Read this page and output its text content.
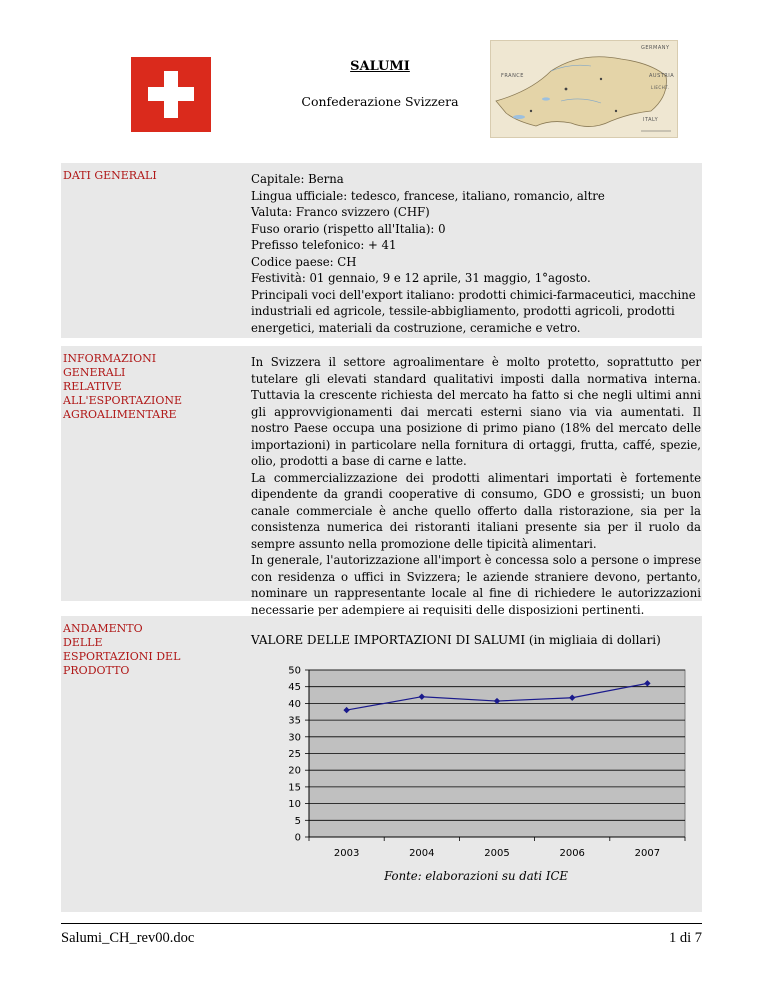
SALUMI
Confederazione Svizzera
GERMANY
FRANCE	AUSTRIA
ITALY
LIECHT.
DATI GENERALI	Capitale: Berna
Lingua ufficiale: tedesco, francese, italiano, romancio, altre
Valuta: Franco svizzero (CHF)
Fuso orario (rispetto all'Italia): 0
Prefisso telefonico: + 41
Codice paese: CH
Festività: 01 gennaio, 9 e 12 aprile, 31 maggio, 1°agosto.
Principali voci dell'export italiano: prodotti chimici-farmaceutici, macchine industriali ed agricole, tessile-abbigliamento, prodotti agricoli, prodotti energetici, materiali da costruzione, ceramiche e vetro.
INFORMAZIONI GENERALI RELATIVE ALL'ESPORTAZIONE AGROALIMENTARE
In Svizzera il settore agroalimentare è molto protetto, soprattutto per tutelare gli elevati standard qualitativi imposti dalla normativa interna. Tuttavia la crescente richiesta del mercato ha fatto si che negli ultimi anni gli approvvigionamenti dai mercati esterni siano via via aumentati. Il nostro Paese occupa una posizione di primo piano (18% del mercato delle importazioni) in particolare nella fornitura di ortaggi, frutta, caffé, spezie, olio, prodotti a base di carne e latte.
La commercializzazione dei prodotti alimentari importati è fortemente dipendente da grandi cooperative di consumo, GDO e grossisti; un buon canale commerciale è anche quello offerto dalla ristorazione, sia per la consistenza numerica dei ristoranti italiani presente sia per il ruolo da sempre assunto nella promozione delle tipicità alimentari.
In generale, l'autorizzazione all'import è concessa solo a persone o imprese con residenza o uffici in Svizzera; le aziende straniere devono, pertanto, nominare un rappresentante locale al fine di richiedere le autorizzazioni necessarie per adempiere ai requisiti delle disposizioni pertinenti.
ANDAMENTO DELLE ESPORTAZIONI DEL PRODOTTO
VALORE DELLE IMPORTAZIONI DI SALUMI (in migliaia di dollari)
0
5
10
15
20
25
30
35
40
45
50
2003	2004	2005	2006	2007
Fonte: elaborazioni su dati ICE
Salumi_CH_rev00.doc	1 di 7
